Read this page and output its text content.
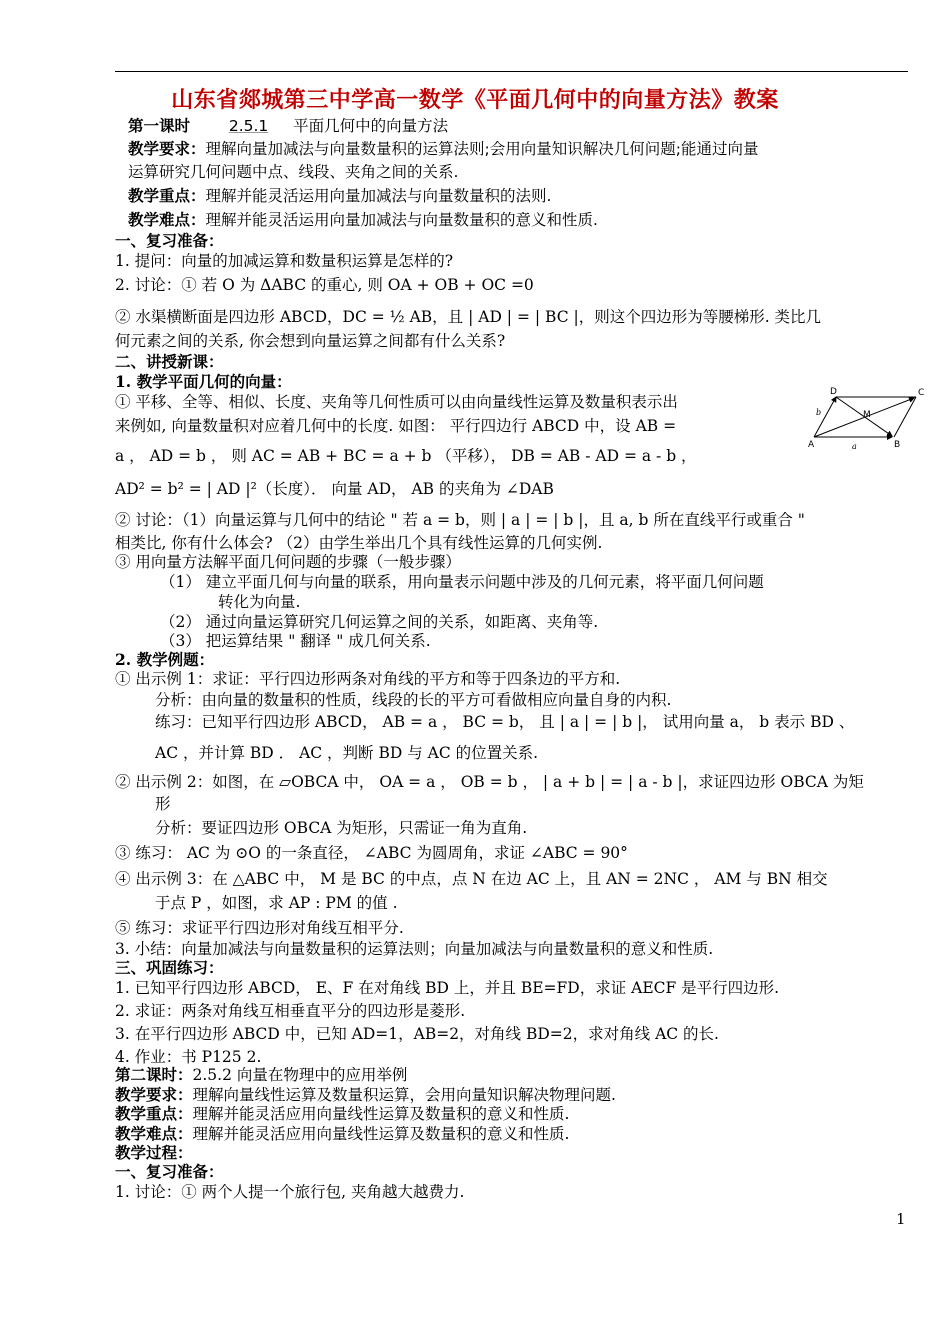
山东省郯城第三中学高一数学《平面几何中的向量方法》教案
第一课时	2.5.1 平面几何中的向量方法
教学要求：理解向量加减法与向量数量积的运算法则;会用向量知识解决几何问题;能通过向量
运算研究几何问题中点、线段、夹角之间的关系.
教学重点：理解并能灵活运用向量加减法与向量数量积的法则.
教学难点：理解并能灵活运用向量加减法与向量数量积的意义和性质.
一、复习准备：
1. 提问：向量的加减运算和数量积运算是怎样的?
2. 讨论：① 若 O 为 ΔABC 的重心, 则 OA + OB + OC =0
② 水渠横断面是四边形 ABCD，DC = ½ AB，且 | AD | = | BC |，则这个四边形为等腰梯形. 类比几
何元素之间的关系, 你会想到向量运算之间都有什么关系?
二、讲授新课：
1. 教学平面几何的向量：
① 平移、全等、相似、长度、夹角等几何性质可以由向量线性运算及数量积表示出
来例如, 向量数量积对应着几何中的长度. 如图： 平行四边行 ABCD 中，设 AB =
a ， AD = b ， 则 AC = AB + BC = a + b （平移）， DB = AB - AD = a - b ，
AD² = b² = | AD |²（长度）． 向量 AD， AB 的夹角为 ∠DAB
② 讨论：（1）向量运算与几何中的结论 " 若 a = b，则 | a | = | b |，且 a, b 所在直线平行或重合 "
相类比, 你有什么体会? （2）由学生举出几个具有线性运算的几何实例.
③ 用向量方法解平面几何问题的步骤（一般步骤）
（1） 建立平面几何与向量的联系，用向量表示问题中涉及的几何元素，将平面几何问题
转化为向量.
（2） 通过向量运算研究几何运算之间的关系，如距离、夹角等.
（3） 把运算结果 " 翻译 " 成几何关系.
2. 教学例题：
① 出示例 1：求证：平行四边形两条对角线的平方和等于四条边的平方和.
分析：由向量的数量积的性质，线段的长的平方可看做相应向量自身的内积.
练习：已知平行四边形 ABCD， AB = a ， BC = b， 且 | a | = | b |， 试用向量 a， b 表示 BD 、
AC ，并计算 BD ． AC ，判断 BD 与 AC 的位置关系.
② 出示例 2：如图，在 ▱OBCA 中， OA = a ， OB = b ， | a + b | = | a - b |，求证四边形 OBCA 为矩
形
分析：要证四边形 OBCA 为矩形，只需证一角为直角.
③ 练习： AC 为 ⊙O 的一条直径， ∠ABC 为圆周角，求证 ∠ABC = 90°
④ 出示例 3：在 △ABC 中， M 是 BC 的中点，点 N 在边 AC 上，且 AN = 2NC ， AM 与 BN 相交
于点 P ，如图，求 AP : PM 的值 .
⑤ 练习：求证平行四边形对角线互相平分.
3. 小结：向量加减法与向量数量积的运算法则；向量加减法与向量数量积的意义和性质.
三、巩固练习：
1. 已知平行四边形 ABCD， E、F 在对角线 BD 上，并且 BE=FD，求证 AECF 是平行四边形.
2. 求证：两条对角线互相垂直平分的四边形是菱形.
3. 在平行四边形 ABCD 中，已知 AD=1，AB=2，对角线 BD=2，求对角线 AC 的长.
4. 作业：书 P125 2.
第二课时：2.5.2 向量在物理中的应用举例
教学要求：理解向量线性运算及数量积运算，会用向量知识解决物理问题.
教学重点：理解并能灵活应用向量线性运算及数量积的意义和性质.
教学难点：理解并能灵活应用向量线性运算及数量积的意义和性质.
教学过程：
一、复习准备：
1. 讨论：① 两个人提一个旅行包, 夹角越大越费力.
A	B
C
D
M
a
b
1
